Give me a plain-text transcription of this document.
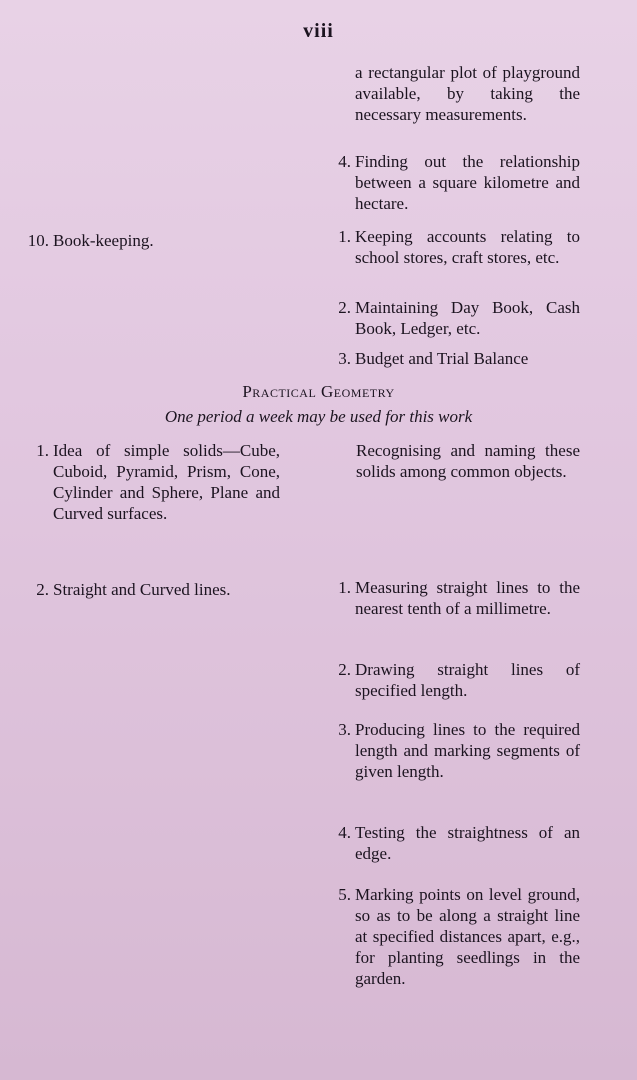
viii
a rectangular plot of playground available, by taking the necessary measurements.
4. Finding out the relationship between a square kilometre and hectare.
10. Book-keeping.	1. Keeping accounts relating to school stores, craft stores, etc.
2. Maintaining Day Book, Cash Book, Ledger, etc.
3. Budget and Trial Balance
Practical Geometry
One period a week may be used for this work
1. Idea of simple solids—Cube, Cuboid, Pyramid, Prism, Cone, Cylinder and Sphere, Plane and Curved surfaces.
Recognising and naming these solids among common objects.
2. Straight and Curved lines.	1. Measuring straight lines to the nearest tenth of a millimetre.
2. Drawing straight lines of specified length.
3. Producing lines to the required length and marking segments of given length.
4. Testing the straightness of an edge.
5. Marking points on level ground, so as to be along a straight line at specified distances apart, e.g., for planting seedlings in the garden.
